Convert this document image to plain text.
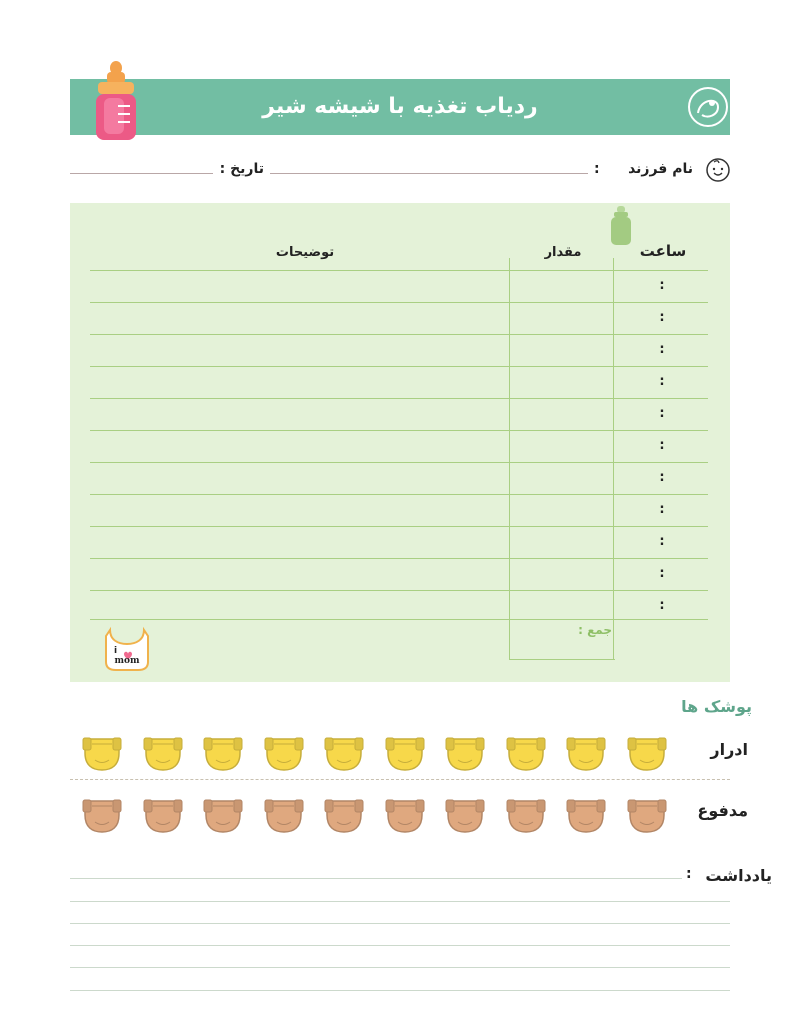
ردیاب تغذیه با شیشه شیر
نام فرزند
:
تاریخ :
ساعت
مقدار
توضیحات
:
:
:
:
:
:
:
:
:
:
:
جمع :
i
mom
پوشک ها
ادرار
مدفوع
یادداشت
:
